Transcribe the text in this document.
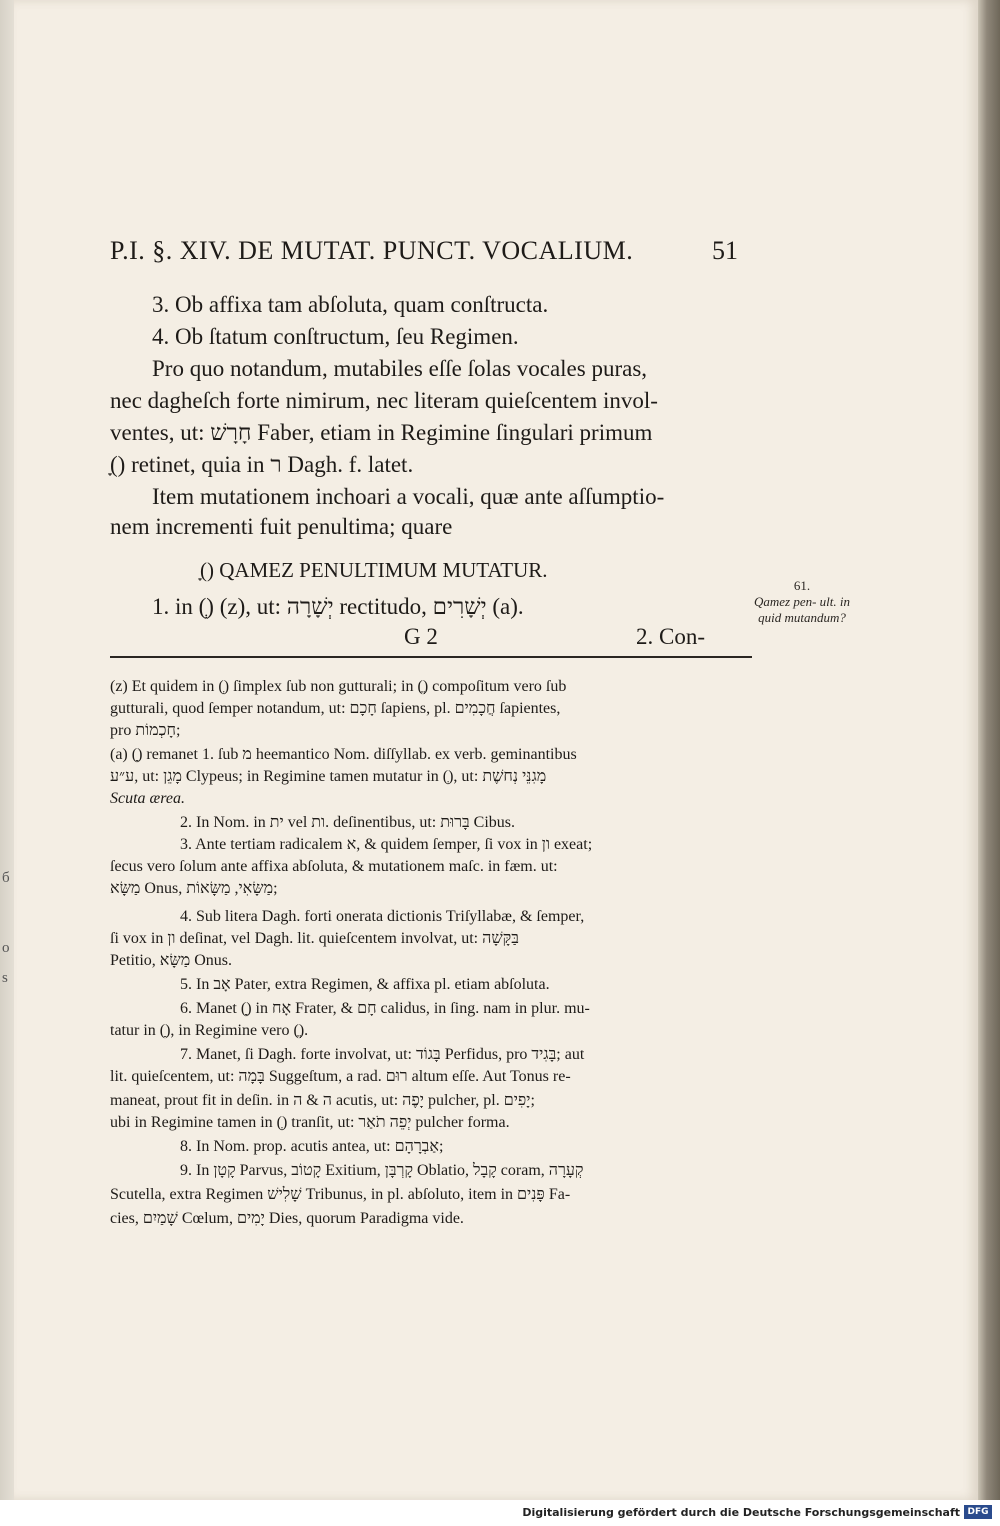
б
o
s
P.I. §. XIV. DE MUTAT. PUNCT. VOCALIUM.	51
3. Ob affixa tam abſoluta, quam conſtructa.
4. Ob ſtatum conſtructum, ſeu Regimen.
Pro quo notandum, mutabiles eſſe ſolas vocales puras,
nec dagheſch forte nimirum, nec literam quieſcentem invol-
ventes, ut: חָרָשׁ Faber, etiam in Regimine ſingulari primum
(ָ) retinet, quia in ר Dagh. f. latet.
Item mutationem inchoari a vocali, quæ ante aſſumptio-
nem incrementi fuit penultima; quare
(ָ) QAMEZ PENULTIMUM MUTATUR.
1. in (ְ) (z), ut: יְשָׁרָה rectitudo, יְשָׁרִים (a).
G 2	2. Con-
61.
Qamez pen- ult. in quid mutandum?
(z) Et quidem in (ְ) ſimplex ſub non gutturali; in (ֲ) compoſitum vero ſub
gutturali, quod ſemper notandum, ut: חָכָם ſapiens, pl. חֲכָמִים ſapientes,
pro חָכְמוֹת;
(a) (ָ) remanet 1. ſub מ heemantico Nom. diſſyllab. ex verb. geminantibus
ע״ע, ut: מָגֵן Clypeus; in Regimine tamen mutatur in (ְ), ut: מָגִנֵּי נְחשֶׁת
Scuta ærea.
2. In Nom. in ית vel ות. deſinentibus, ut: בָּרוּת Cibus.
3. Ante tertiam radicalem א, & quidem ſemper, ſi vox in ון exeat;
ſecus vero ſolum ante affixa abſoluta, & mutationem maſc. in fæm. ut:
מַשָּׂא Onus, מַשָּׂאִי, מַשָּׂאוֹת;
4. Sub litera Dagh. forti onerata dictionis Triſyllabæ, & ſemper,
ſi vox in ון deſinat, vel Dagh. lit. quieſcentem involvat, ut: בַּקָּשָׁה
Petitio, מַשָּׂא Onus.
5. In אָב Pater, extra Regimen, & affixa pl. etiam abſoluta.
6. Manet (ָ) in אָח Frater, & חָם calidus, in ſing. nam in plur. mu-
tatur in (ַ), in Regimine vero (ֲ).
7. Manet, ſi Dagh. forte involvat, ut: בָּגוֹד Perfidus, pro בָּגִיד; aut
lit. quieſcentem, ut: בָּמָה Suggeſtum, a rad. רוּם altum eſſe. Aut Tonus re-
maneat, prout fit in deſin. in ה & ה acutis, ut: יָפֶה pulcher, pl. יָפִים;
ubi in Regimine tamen in (ְ) tranſit, ut: יְפֵה תֹאַר pulcher forma.
8. In Nom. prop. acutis antea, ut: אַבְרָהָם;
9. In קָטָן Parvus, קָטוֹב Exitium, קָרְבָּן Oblatio, קָבָל coram, קְעָרָה
Scutella, extra Regimen שָׁלִישׁ Tribunus, in pl. abſoluto, item in פָּנִים Fa-
cies, שָׁמַיִם Cœlum, יָמִים Dies, quorum Paradigma vide.
Digitalisierung gefördert durch die Deutsche Forschungsgemeinschaft DFG
